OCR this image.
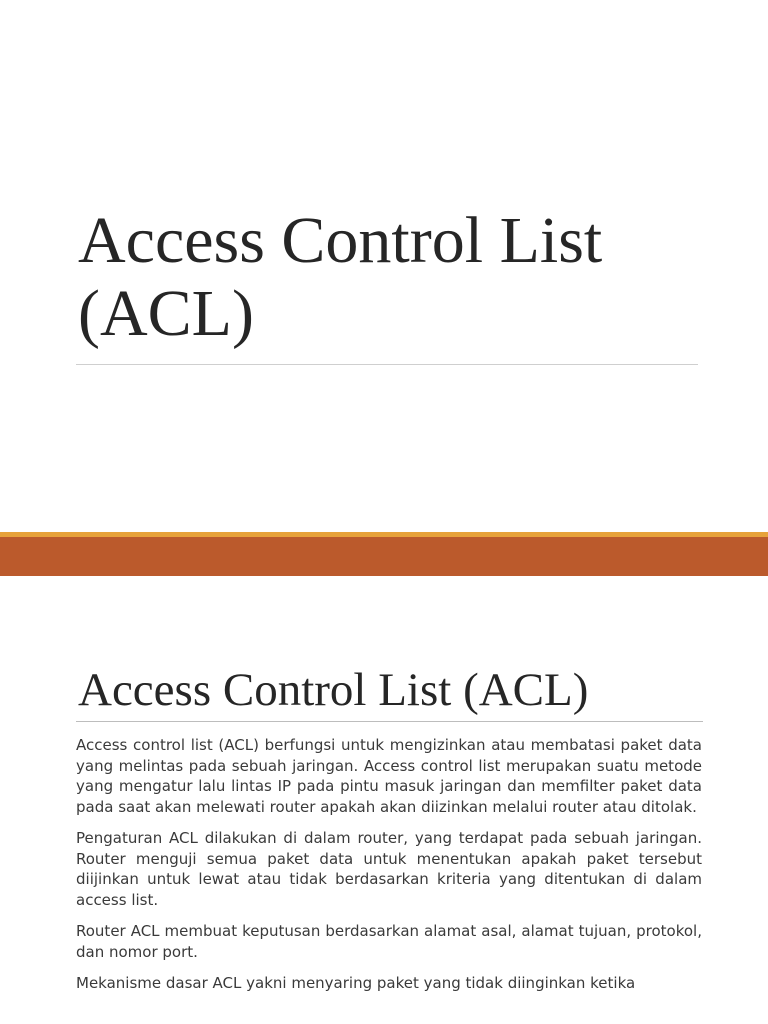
Access Control List (ACL)
Access Control List (ACL)

Access control list (ACL) berfungsi untuk mengizinkan atau membatasi paket data yang melintas pada sebuah jaringan. Access control list merupakan suatu metode yang mengatur lalu lintas IP pada pintu masuk jaringan dan memfilter paket data pada saat akan melewati router apakah akan diizinkan melalui router atau ditolak.

Pengaturan ACL dilakukan di dalam router, yang terdapat pada sebuah jaringan. Router menguji semua paket data untuk menentukan apakah paket tersebut diijinkan untuk lewat atau tidak berdasarkan kriteria yang ditentukan di dalam access list.

Router ACL membuat keputusan berdasarkan alamat asal, alamat tujuan, protokol, dan nomor port.

Mekanisme dasar ACL yakni menyaring paket yang tidak diinginkan ketika
